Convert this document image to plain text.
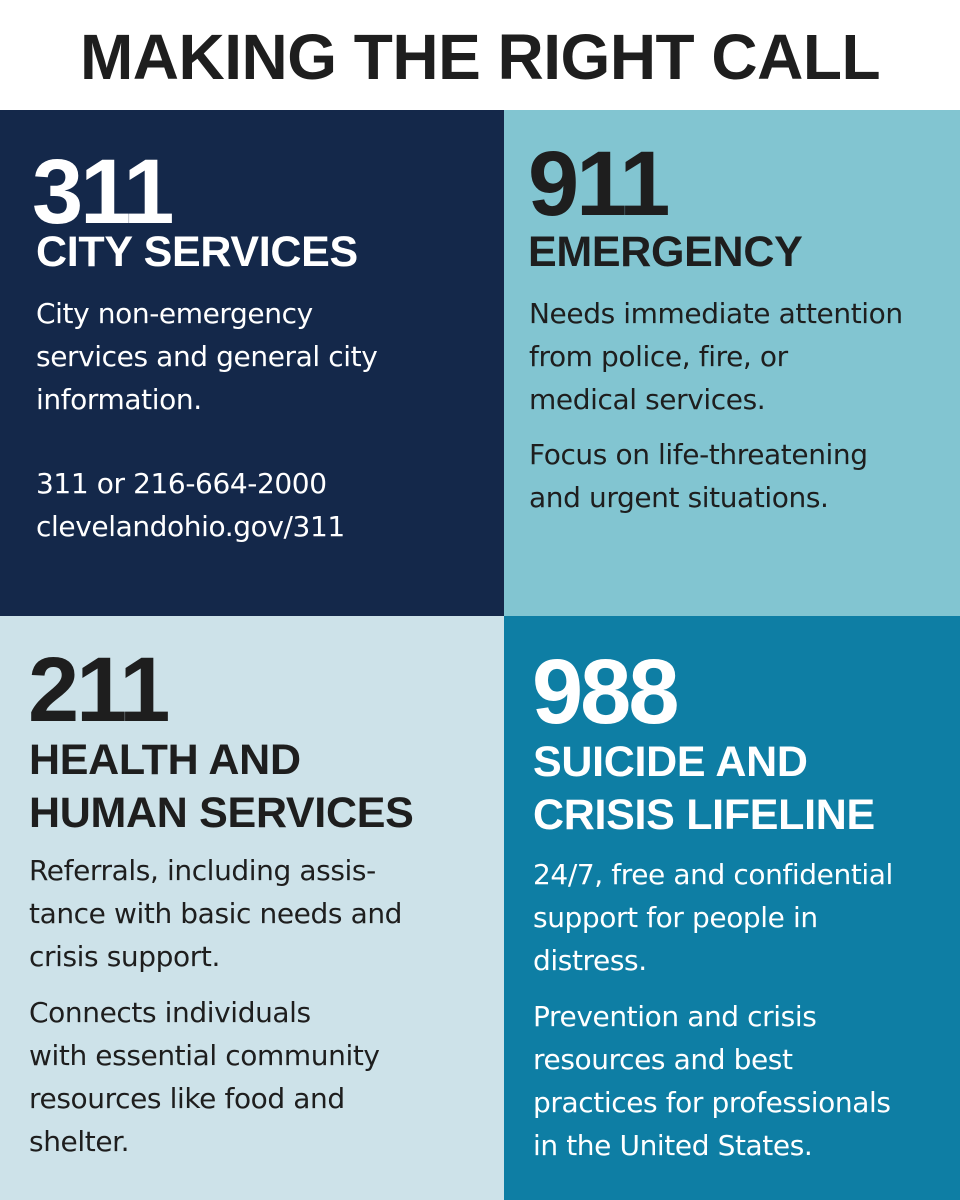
MAKING THE RIGHT CALL
311
CITY SERVICES

City non-emergency
services and general city
information.

311 or 216-664-2000
clevelandohio.gov/311

911
EMERGENCY

Needs immediate attention
from police, fire, or
medical services.

Focus on life-threatening
and urgent situations.

211
HEALTH AND
HUMAN SERVICES

Referrals, including assis-
tance with basic needs and
crisis support.

Connects individuals
with essential community
resources like food and
shelter.

988
SUICIDE AND
CRISIS LIFELINE

24/7, free and confidential
support for people in
distress.

Prevention and crisis
resources and best
practices for professionals
in the United States.
